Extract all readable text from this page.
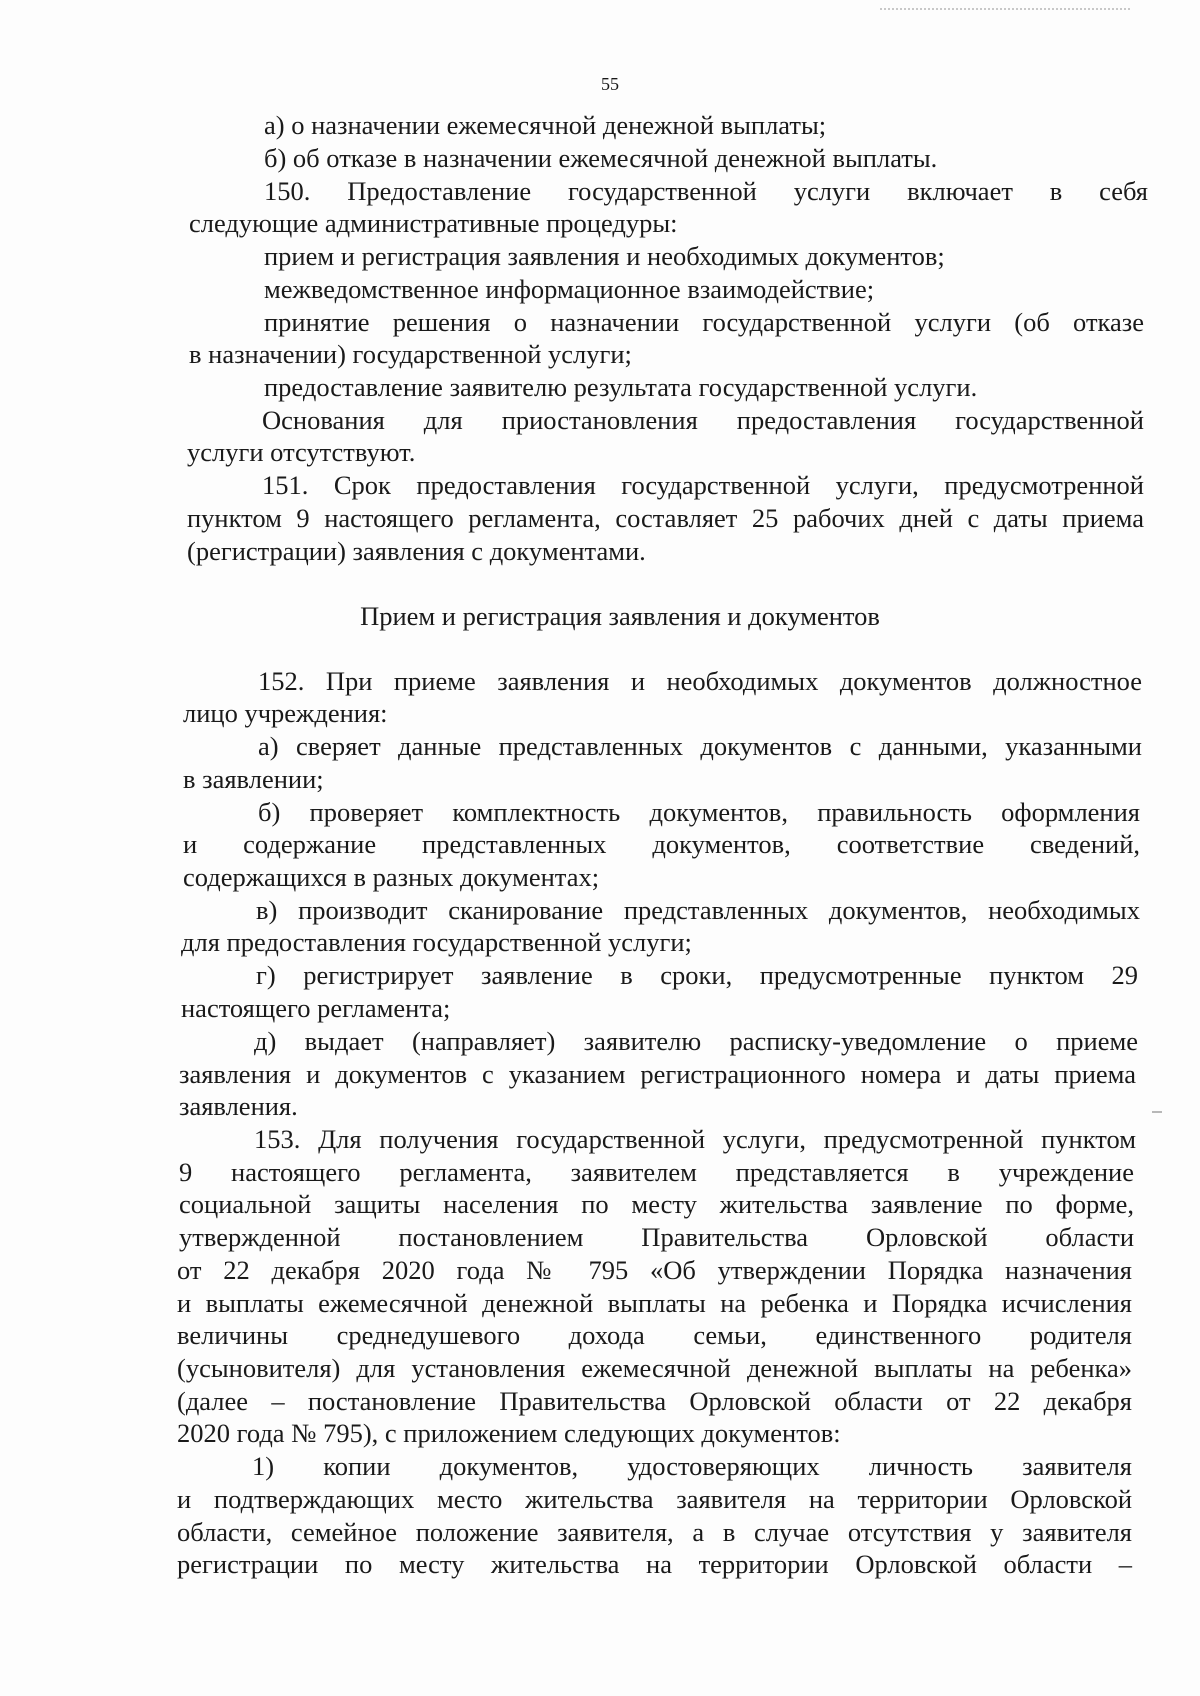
55

а) о назначении ежемесячной денежной выплаты;

б) об отказе в назначении ежемесячной денежной выплаты.

150. Предоставление государственной услуги включает в себя

следующие административные процедуры:

прием и регистрация заявления и необходимых документов;

межведомственное информационное взаимодействие;

принятие решения о назначении государственной услуги (об отказе

в назначении) государственной услуги;

предоставление заявителю результата государственной услуги.

Основания для приостановления предоставления государственной

услуги отсутствуют.

151. Срок предоставления государственной услуги, предусмотренной

пунктом 9 настоящего регламента, составляет 25 рабочих дней с даты приема

(регистрации) заявления с документами.

Прием и регистрация заявления и документов

152. При приеме заявления и необходимых документов должностное

лицо учреждения:

а) сверяет данные представленных документов с данными, указанными

в заявлении;

б) проверяет комплектность документов, правильность оформления

и содержание представленных документов, соответствие сведений,

содержащихся в разных документах;

в) производит сканирование представленных документов, необходимых

для предоставления государственной услуги;

г) регистрирует заявление в сроки, предусмотренные пунктом 29

настоящего регламента;

д) выдает (направляет) заявителю расписку-уведомление о приеме

заявления и документов с указанием регистрационного номера и даты приема

заявления.

153. Для получения государственной услуги, предусмотренной пунктом

9 настоящего регламента, заявителем представляется в учреждение

социальной защиты населения по месту жительства заявление по форме,

утвержденной постановлением Правительства Орловской области

от 22 декабря 2020 года № 795 «Об утверждении Порядка назначения

и выплаты ежемесячной денежной выплаты на ребенка и Порядка исчисления

величины среднедушевого дохода семьи, единственного родителя

(усыновителя) для установления ежемесячной денежной выплаты на ребенка»

(далее – постановление Правительства Орловской области от 22 декабря

2020 года № 795), с приложением следующих документов:

1) копии документов, удостоверяющих личность заявителя

и подтверждающих место жительства заявителя на территории Орловской

области, семейное положение заявителя, а в случае отсутствия у заявителя

регистрации по месту жительства на территории Орловской области –
